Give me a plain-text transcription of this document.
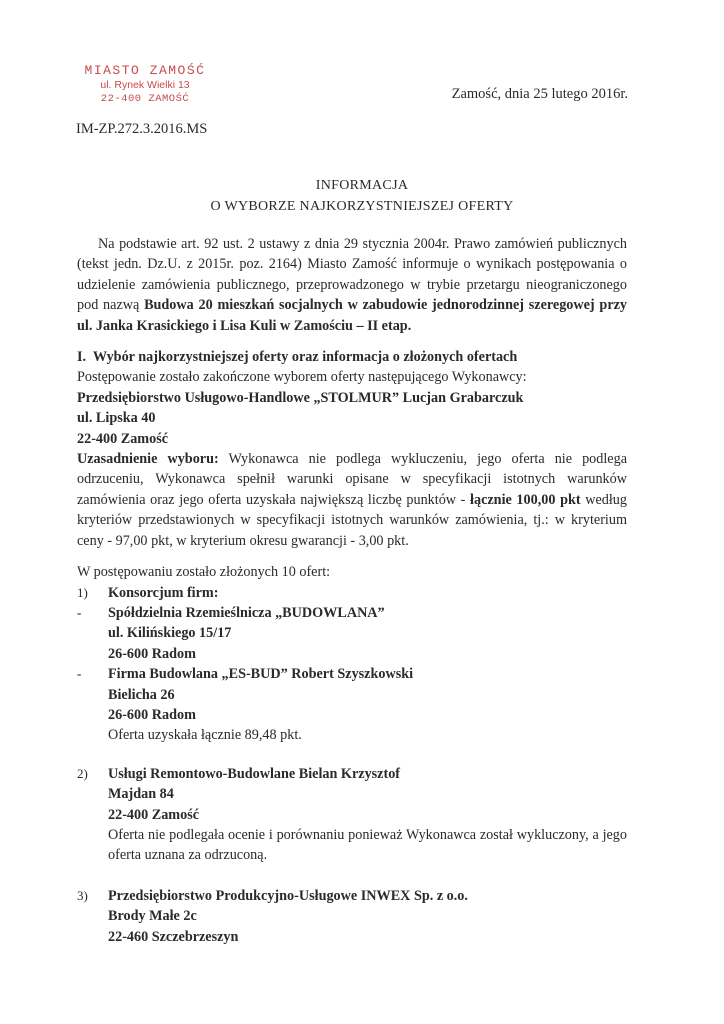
MIASTO ZAMOŚĆ
ul. Rynek Wielki 13
22-400 ZAMOŚĆ	Zamość, dnia 25 lutego 2016r.
IM-ZP.272.3.2016.MS
INFORMACJA
O WYBORZE NAJKORZYSTNIEJSZEJ OFERTY

Na podstawie art. 92 ust. 2 ustawy z dnia 29 stycznia 2004r. Prawo zamówień publicznych (tekst jedn. Dz.U. z 2015r. poz. 2164) Miasto Zamość informuje o wynikach postępowania o udzielenie zamówienia publicznego, przeprowadzonego w trybie przetargu nieograniczonego pod nazwą Budowa 20 mieszkań socjalnych w zabudowie jednorodzinnej szeregowej przy ul. Janka Krasickiego i Lisa Kuli w Zamościu – II etap.

I. Wybór najkorzystniejszej oferty oraz informacja o złożonych ofertach

Postępowanie zostało zakończone wyborem oferty następującego Wykonawcy:

Przedsiębiorstwo Usługowo-Handlowe „STOLMUR” Lucjan Grabarczuk

ul. Lipska 40

22-400 Zamość

Uzasadnienie wyboru: Wykonawca nie podlega wykluczeniu, jego oferta nie podlega odrzuceniu, Wykonawca spełnił warunki opisane w specyfikacji istotnych warunków zamówienia oraz jego oferta uzyskała największą liczbę punktów - łącznie 100,00 pkt według kryteriów przedstawionych w specyfikacji istotnych warunków zamówienia, tj.: w kryterium ceny - 97,00 pkt, w kryterium okresu gwarancji - 3,00 pkt.

W postępowaniu zostało złożonych 10 ofert:

1)	Konsorcjum firm:
-	Spółdzielnia Rzemieślnicza „BUDOWLANA”
ul. Kilińskiego 15/17
26-600 Radom
-	Firma Budowlana „ES-BUD” Robert Szyszkowski
Bielicha 26
26-600 Radom
Oferta uzyskała łącznie 89,48 pkt.
2)	Usługi Remontowo-Budowlane Bielan Krzysztof
Majdan 84
22-400 Zamość
Oferta nie podlegała ocenie i porównaniu ponieważ Wykonawca został wykluczony, a jego oferta uznana za odrzuconą.
3)	Przedsiębiorstwo Produkcyjno-Usługowe INWEX Sp. z o.o.
Brody Małe 2c
22-460 Szczebrzeszyn
